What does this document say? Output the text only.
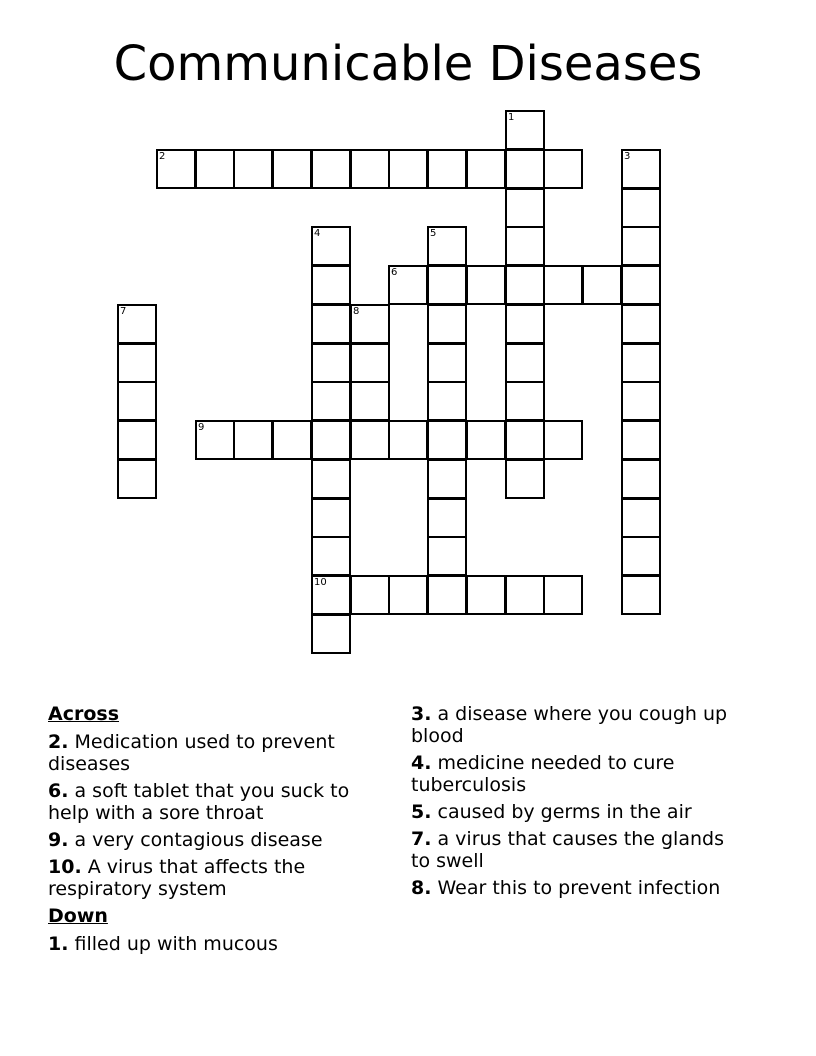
Communicable Diseases
1
2	3
4
10
5
6
7	8
9
Across
2. Medication used to prevent diseases
6. a soft tablet that you suck to help with a sore throat
9. a very contagious disease
10. A virus that affects the respiratory system
Down
1. filled up with mucous
3. a disease where you cough up blood
4. medicine needed to cure tuberculosis
5. caused by germs in the air
7. a virus that causes the glands to swell
8. Wear this to prevent infection
